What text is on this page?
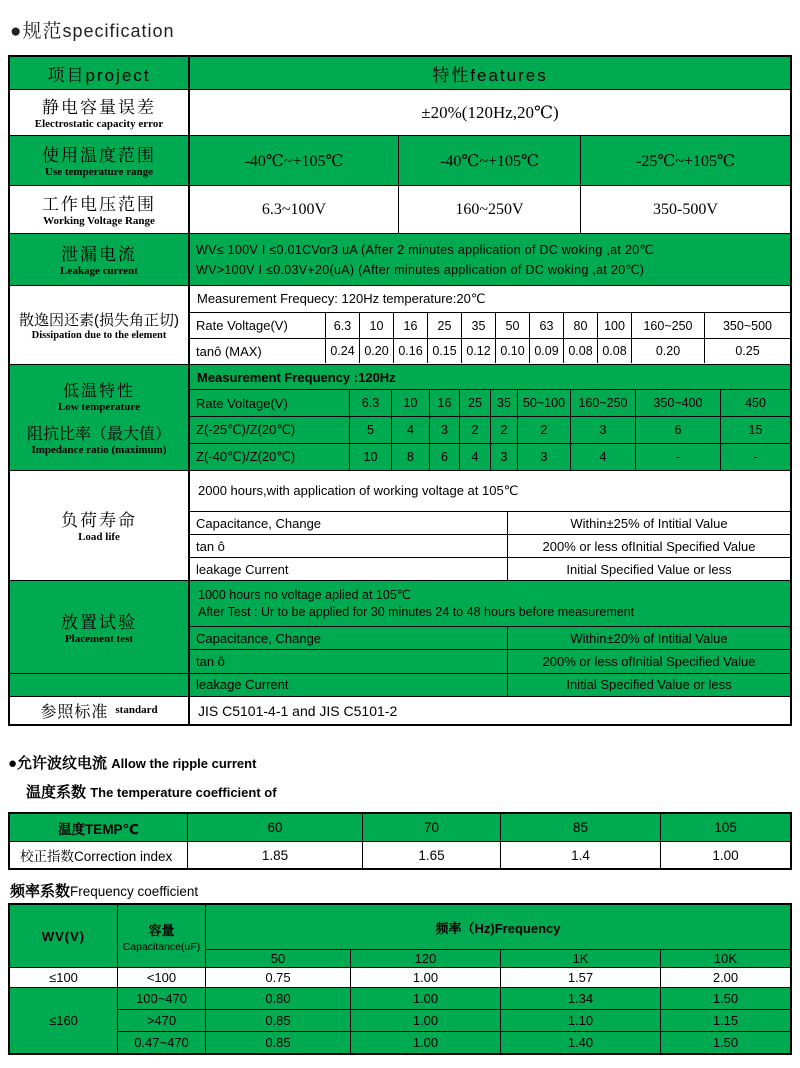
●规范specification
项目project	特性features
静电容量误差
Electrostatic capacity error
±20%(120Hz,20℃)
使用温度范围
Use temperature range
-40℃~+105℃	-40℃~+105℃	-25℃~+105℃
工作电压范围
Working Voltage Range
6.3~100V	160~250V	350-500V
泄漏电流
Leakage current
WV≤ 100V I ≤0.01CVor3 uA (After 2 minutes application of DC woking ,at 20℃
WV>100V I ≤0.03V+20(uA) (After minutes application of DC woking ,at 20℃)
散逸因还素(损失角正切)
Dissipation due to the element
Measurement Frequecy: 120Hz temperature:20℃
Rate Voltage(V)	6.3	10	16	25	35	50	63	80	100	160~250	350~500
tanô (MAX)	0.24 0.20 0.16 0.15 0.12 0.10 0.09 0.08 0.08	0.20	0.25
低温特性
Low temperature
阻抗比率（最大值）
Impedance ratio (maximum)
Measurement Frequency :120Hz
Rate Voltage(V)	6.3	10	16	25	35 50~100	160~250	350~400	450
Z(-25℃)/Z(20℃)	5	4	3	2	2	2	3	6	15
Z(-40℃)/Z(20℃)	10	8	6	4	3	3	4	-	-
负荷寿命
Load life
2000 hours,with application of working voltage at 105℃
Capacitance, Change	Within±25% of Intitial Value
tan ô	200% or less ofInitial Specified Value
leakage Current	Initial Specified Value or less
放置试验
Placement test
1000 hours no voltage aplied at 105℃
After Test : Ur to be applied for 30 minutes 24 to 48 hours before measurement
Capacitance, Change	Within±20% of Intitial Value
tan ô	200% or less ofInitial Specified Value
leakage Current	Initial Specified Value or less
参照标准 standard	JIS C5101-4-1 and JIS C5101-2
●允许波纹电流 Allow the ripple current
温度系数 The temperature coefficient of
温度TEMP℃	60	70	85	105
校正指数Correction index	1.85	1.65	1.4	1.00
频率系数Frequency coefficient
WV(V)	容量
Capacitance(uF)
频率（Hz)Frequency
50	120	1K	10K
≤100	<100	0.75	1.00	1.57	2.00
≤160
100~470	0.80	1.00	1.34	1.50
>470	0.85	1.00	1.10	1.15
0.47~470	0.85	1.00	1.40	1.50
